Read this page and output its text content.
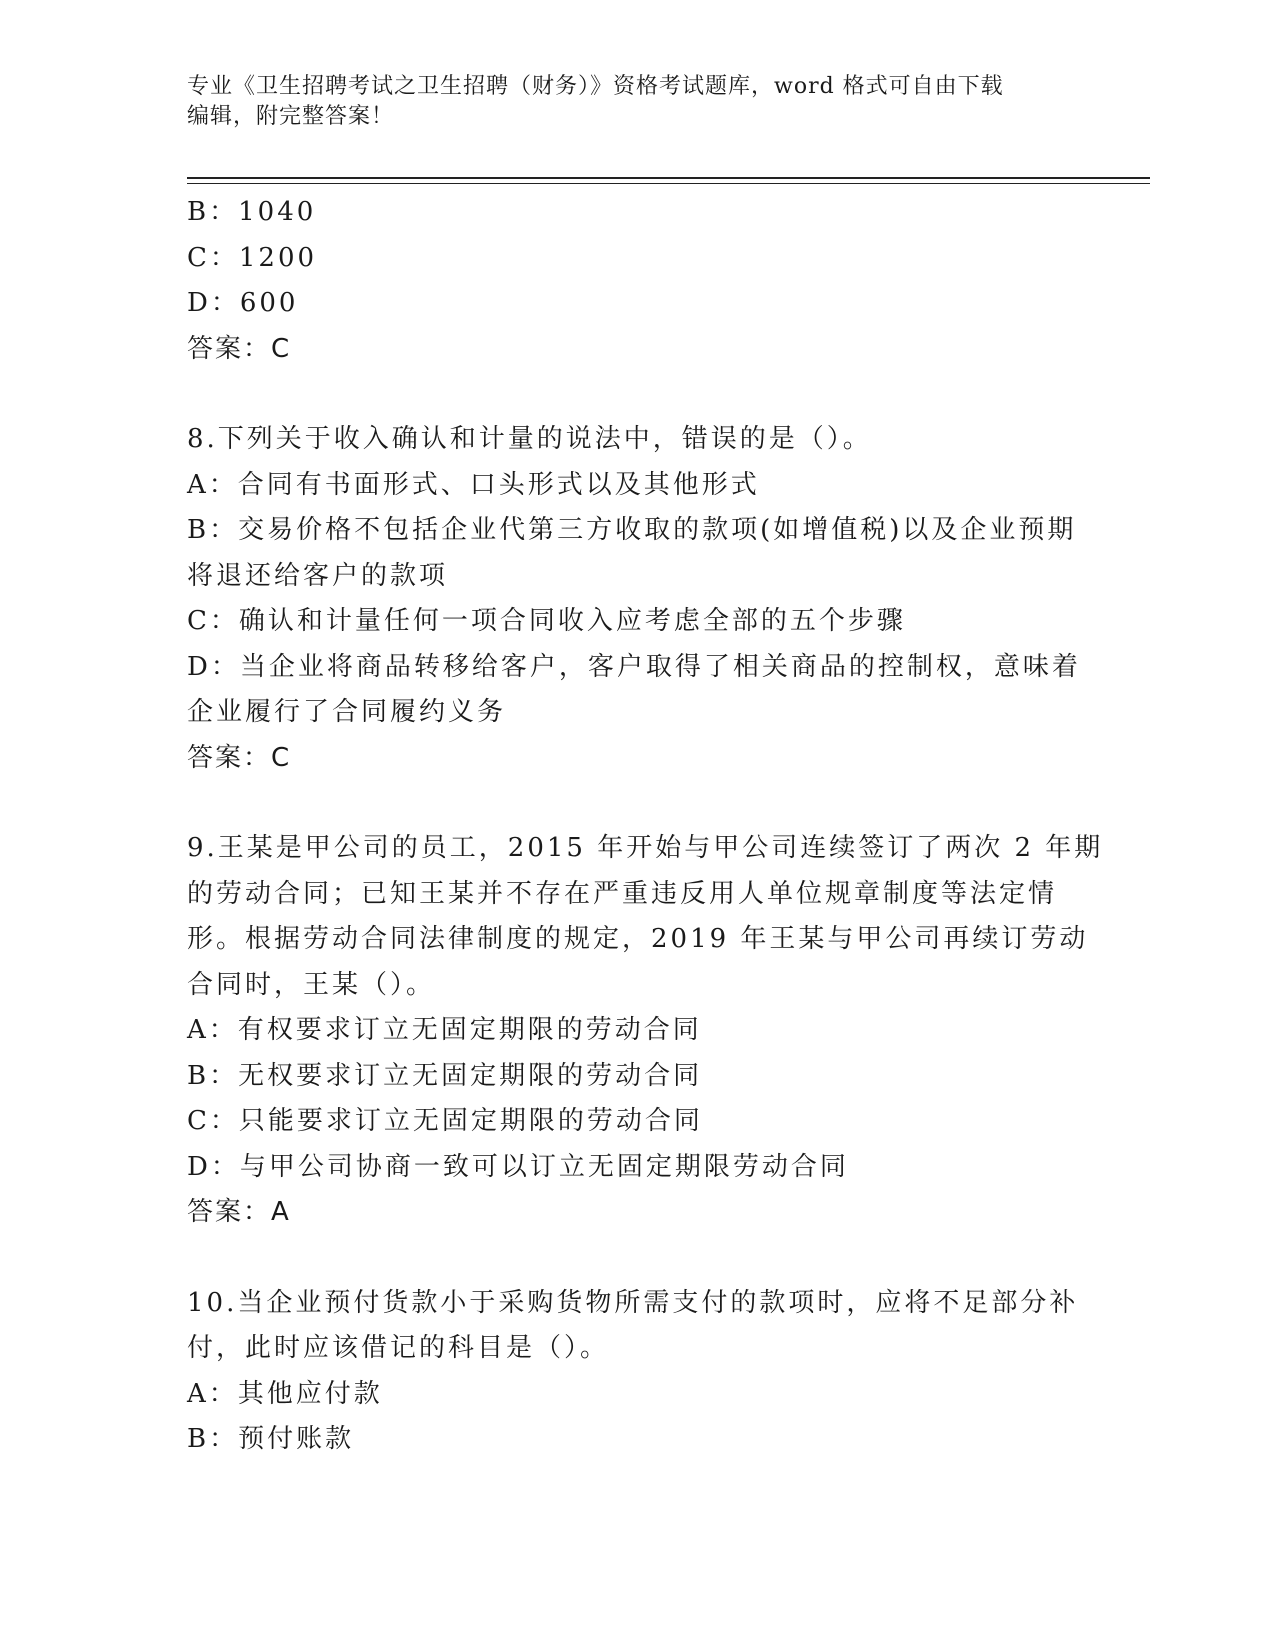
专业《卫生招聘考试之卫生招聘（财务）》资格考试题库，word 格式可自由下载
编辑，附完整答案！
B：1040
C：1200
D：600
答案：C
8.下列关于收入确认和计量的说法中，错误的是（）。
A：合同有书面形式、口头形式以及其他形式
B：交易价格不包括企业代第三方收取的款项(如增值税)以及企业预期
将退还给客户的款项
C：确认和计量任何一项合同收入应考虑全部的五个步骤
D：当企业将商品转移给客户，客户取得了相关商品的控制权，意味着
企业履行了合同履约义务
答案：C
9.王某是甲公司的员工，2015 年开始与甲公司连续签订了两次 2 年期
的劳动合同；已知王某并不存在严重违反用人单位规章制度等法定情
形。根据劳动合同法律制度的规定，2019 年王某与甲公司再续订劳动
合同时，王某（）。
A：有权要求订立无固定期限的劳动合同
B：无权要求订立无固定期限的劳动合同
C：只能要求订立无固定期限的劳动合同
D：与甲公司协商一致可以订立无固定期限劳动合同
答案：A
10.当企业预付货款小于采购货物所需支付的款项时，应将不足部分补
付，此时应该借记的科目是（）。
A：其他应付款
B：预付账款
